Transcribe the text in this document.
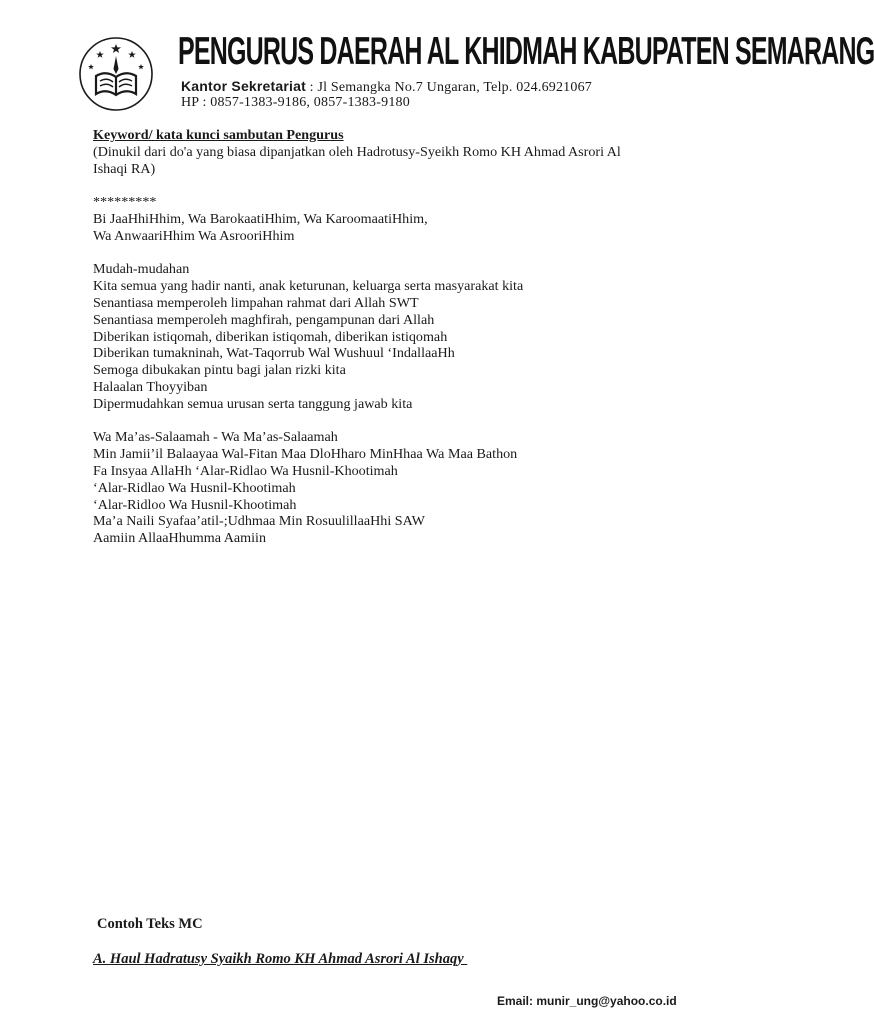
PENGURUS DAERAH AL KHIDMAH KABUPATEN SEMARANG
Kantor Sekretariat : Jl Semangka No.7 Ungaran, Telp. 024.6921067
HP : 0857-1383-9186, 0857-1383-9180
Keyword/ kata kunci sambutan Pengurus
(Dinukil dari do'a yang biasa dipanjatkan oleh Hadrotusy-Syeikh Romo KH Ahmad Asrori Al
Ishaqi RA)
*********
Bi JaaHhiHhim, Wa BarokaatiHhim, Wa KaroomaatiHhim,
Wa AnwaariHhim Wa AsrooriHhim
Mudah-mudahan
Kita semua yang hadir nanti, anak keturunan, keluarga serta masyarakat kita
Senantiasa memperoleh limpahan rahmat dari Allah SWT
Senantiasa memperoleh maghfirah, pengampunan dari Allah
Diberikan istiqomah, diberikan istiqomah, diberikan istiqomah
Diberikan tumakninah, Wat-Taqorrub Wal Wushuul ‘IndallaaHh
Semoga dibukakan pintu bagi jalan rizki kita
Halaalan Thoyyiban
Dipermudahkan semua urusan serta tanggung jawab kita
Wa Ma’as-Salaamah - Wa Ma’as-Salaamah
Min Jamii’il Balaayaa Wal-Fitan Maa DloHharo MinHhaa Wa Maa Bathon
Fa Insyaa AllaHh ‘Alar-Ridlao Wa Husnil-Khootimah
‘Alar-Ridlao Wa Husnil-Khootimah
‘Alar-Ridloo Wa Husnil-Khootimah
Ma’a Naili Syafaa’atil-;Udhmaa Min RosuulillaaHhi SAW
Aamiin AllaaHhumma Aamiin
Contoh Teks MC
A. Haul Hadratusy Syaikh Romo KH Ahmad Asrori Al Ishaqy
Email: munir_ung@yahoo.co.id
